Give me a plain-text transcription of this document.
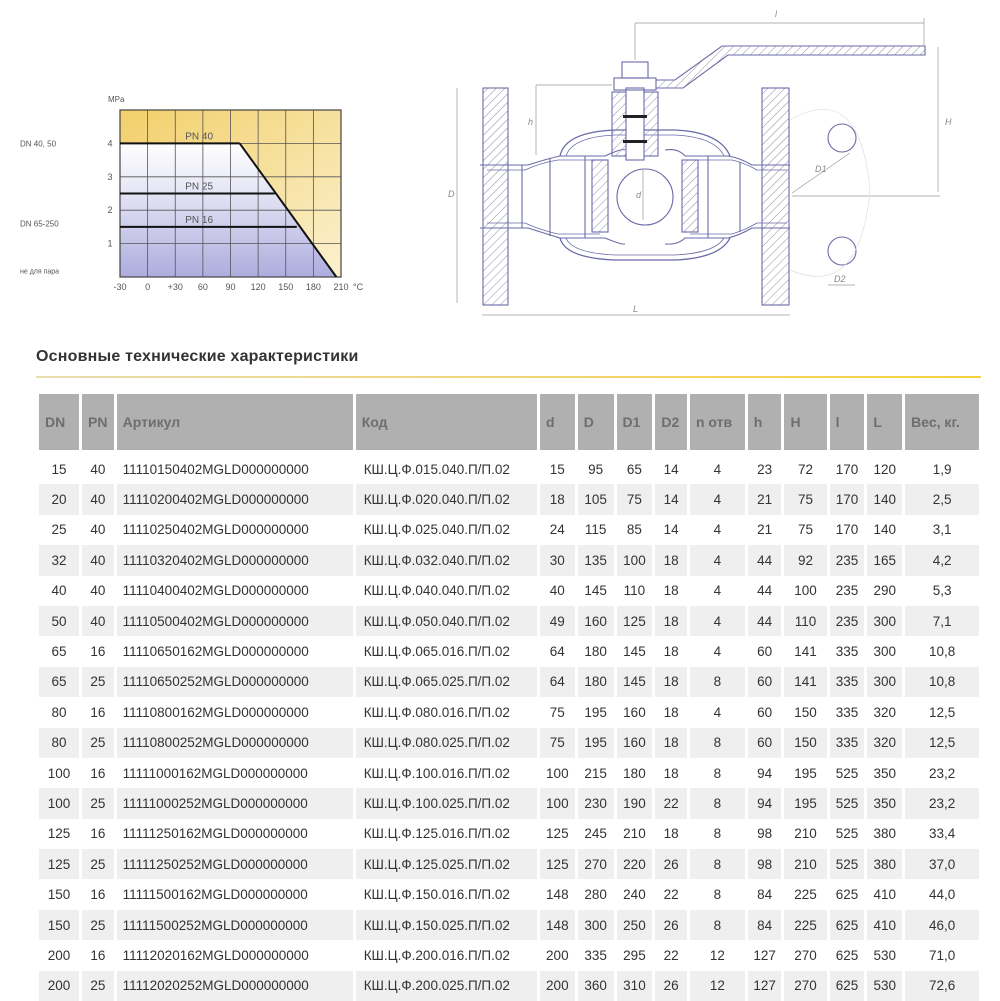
PN 40
PN 25
PN 16
MPa
1
2
3
4
-30 0 +30 60 90 120 150 180 210 °C
DN 40, 50
DN 65-250
не для пара
l
L
H
h
D	d
D1
D2
Основные технические характеристики
DN	PN	Артикул	Код	d	D	D1	D2	n отв	h	H	l	L	Вес, кг.
15	40	11110150402MGLD000000000	КШ.Ц.Ф.015.040.П/П.02	15	95	65	14	4	23	72	170	120	1,9
20	40	11110200402MGLD000000000	КШ.Ц.Ф.020.040.П/П.02	18	105	75	14	4	21	75	170	140	2,5
25	40	11110250402MGLD000000000	КШ.Ц.Ф.025.040.П/П.02	24	115	85	14	4	21	75	170	140	3,1
32	40	11110320402MGLD000000000	КШ.Ц.Ф.032.040.П/П.02	30	135	100	18	4	44	92	235	165	4,2
40	40	11110400402MGLD000000000	КШ.Ц.Ф.040.040.П/П.02	40	145	110	18	4	44	100	235	290	5,3
50	40	11110500402MGLD000000000	КШ.Ц.Ф.050.040.П/П.02	49	160	125	18	4	44	110	235	300	7,1
65	16	11110650162MGLD000000000	КШ.Ц.Ф.065.016.П/П.02	64	180	145	18	4	60	141	335	300	10,8
65	25	11110650252MGLD000000000	КШ.Ц.Ф.065.025.П/П.02	64	180	145	18	8	60	141	335	300	10,8
80	16	11110800162MGLD000000000	КШ.Ц.Ф.080.016.П/П.02	75	195	160	18	4	60	150	335	320	12,5
80	25	11110800252MGLD000000000	КШ.Ц.Ф.080.025.П/П.02	75	195	160	18	8	60	150	335	320	12,5
100	16	11111000162MGLD000000000	КШ.Ц.Ф.100.016.П/П.02	100	215	180	18	8	94	195	525	350	23,2
100	25	11111000252MGLD000000000	КШ.Ц.Ф.100.025.П/П.02	100	230	190	22	8	94	195	525	350	23,2
125	16	11111250162MGLD000000000	КШ.Ц.Ф.125.016.П/П.02	125	245	210	18	8	98	210	525	380	33,4
125	25	11111250252MGLD000000000	КШ.Ц.Ф.125.025.П/П.02	125	270	220	26	8	98	210	525	380	37,0
150	16	11111500162MGLD000000000	КШ.Ц.Ф.150.016.П/П.02	148	280	240	22	8	84	225	625	410	44,0
150	25	11111500252MGLD000000000	КШ.Ц.Ф.150.025.П/П.02	148	300	250	26	8	84	225	625	410	46,0
200	16	11112020162MGLD000000000	КШ.Ц.Ф.200.016.П/П.02	200	335	295	22	12	127	270	625	530	71,0
200	25	11112020252MGLD000000000	КШ.Ц.Ф.200.025.П/П.02	200	360	310	26	12	127	270	625	530	72,6
